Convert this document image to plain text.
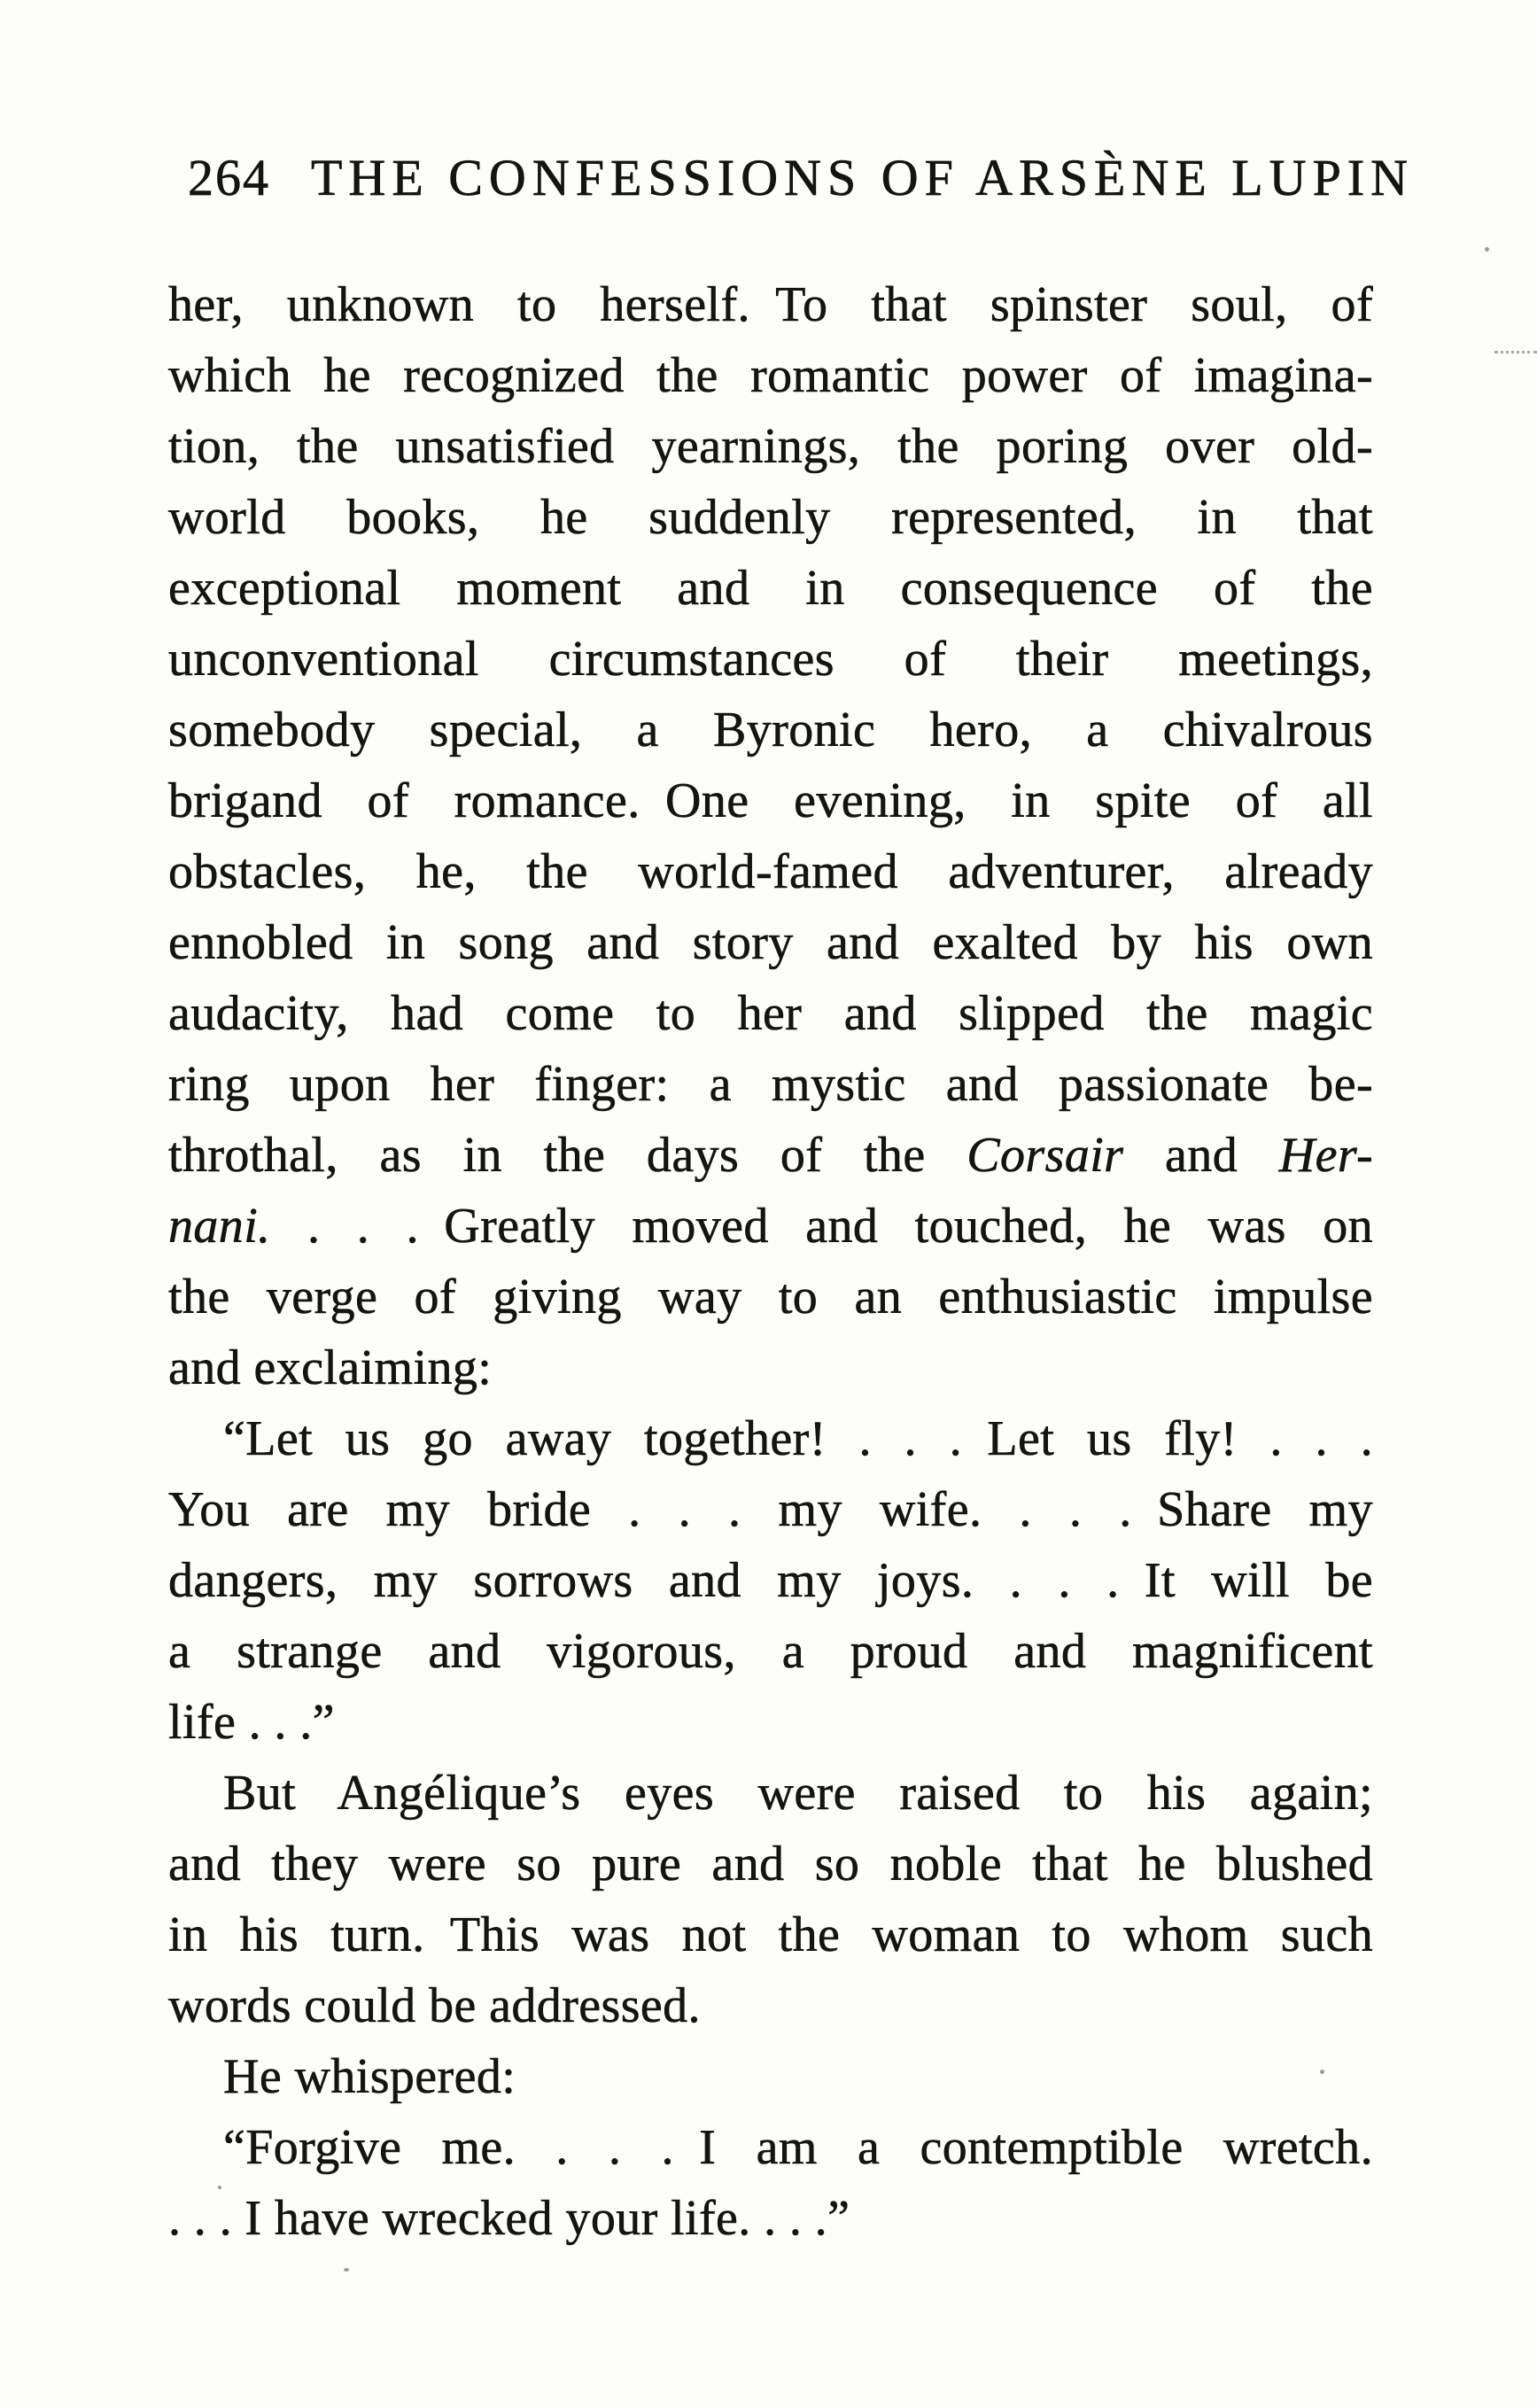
264 THE CONFESSIONS OF ARSÈNE LUPIN
her, unknown to herself. To that spinster soul, of
which he recognized the romantic power of imagina-
tion, the unsatisfied yearnings, the poring over old-
world books, he suddenly represented, in that
exceptional moment and in consequence of the
unconventional circumstances of their meetings,
somebody special, a Byronic hero, a chivalrous
brigand of romance. One evening, in spite of all
obstacles, he, the world-famed adventurer, already
ennobled in song and story and exalted by his own
audacity, had come to her and slipped the magic
ring upon her finger: a mystic and passionate be-
throthal, as in the days of the Corsair and Her-
nani. . . . Greatly moved and touched, he was on
the verge of giving way to an enthusiastic impulse
and exclaiming:
“Let us go away together! . . . Let us fly! . . .
You are my bride . . . my wife. . . . Share my
dangers, my sorrows and my joys. . . . It will be
a strange and vigorous, a proud and magnificent
life . . .”
But Angélique’s eyes were raised to his again;
and they were so pure and so noble that he blushed
in his turn. This was not the woman to whom such
words could be addressed.
He whispered:
“Forgive me. . . . I am a contemptible wretch.
. . . I have wrecked your life. . . .”
